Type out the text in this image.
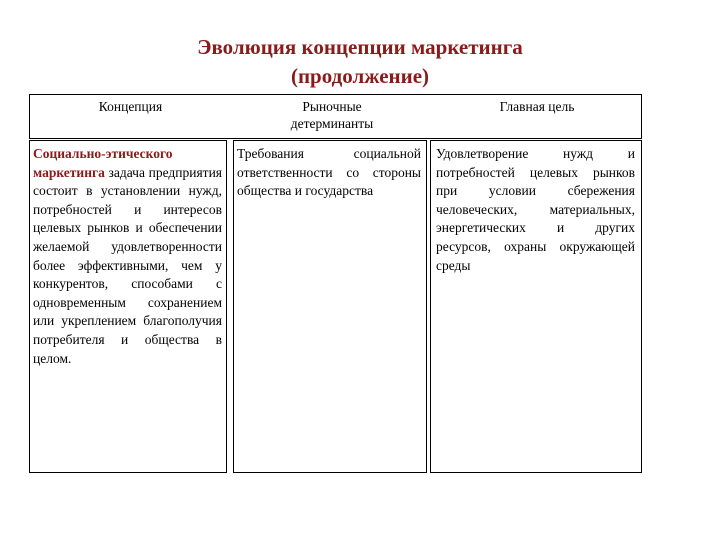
Эволюция концепции маркетинга
(продолжение)
Концепция	Рыночные детерминанты
Главная цель
Социально-этического маркетинга задача предприятия состоит в установлении нужд, потребностей и интересов целевых рынков и обеспечении желаемой удовлетворенности более эффективными, чем у конкурентов, способами с одновременным сохранением или укреплением благополучия потребителя и общества в целом.
Требования социальной ответственности со стороны общества и государства
Удовлетворение нужд и потребностей целевых рынков при условии сбережения человеческих, материальных, энергетических и других ресурсов, охраны окружающей среды
